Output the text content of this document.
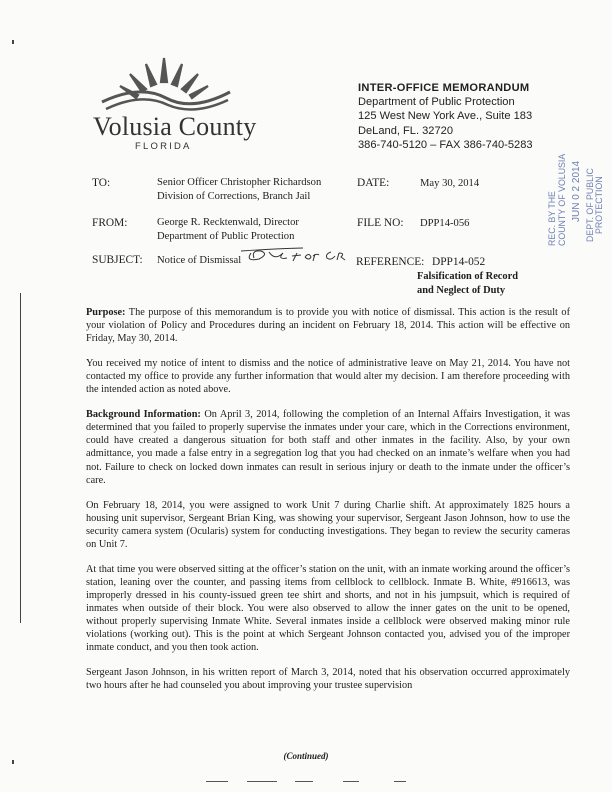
Volusia County
FLORIDA
INTER-OFFICE MEMORANDUM
Department of Public Protection
125 West New York Ave., Suite 183
DeLand, FL. 32720
386-740-5120 – FAX 386-740-5283
REC. BY THE COUNTY OF VOLUSIA JUN 0 2 2014 DEPT. OF PUBLIC PROTECTION
TO:	Senior Officer Christopher Richardson
Division of Corrections, Branch Jail
DATE:	May 30, 2014
FROM:	George R. Recktenwald, Director
Department of Public Protection
FILE NO: DPP14-056
SUBJECT: Notice of Dismissal	REFERENCE: DPP14-052
Falsification of Record
and Neglect of Duty

Purpose: The purpose of this memorandum is to provide you with notice of dismissal. This action is the result of your violation of Policy and Procedures during an incident on February 18, 2014. This action will be effective on Friday, May 30, 2014.

You received my notice of intent to dismiss and the notice of administrative leave on May 21, 2014. You have not contacted my office to provide any further information that would alter my decision. I am therefore proceeding with the intended action as noted above.

Background Information: On April 3, 2014, following the completion of an Internal Affairs Investigation, it was determined that you failed to properly supervise the inmates under your care, which in the Corrections environment, could have created a dangerous situation for both staff and other inmates in the facility. Also, by your own admittance, you made a false entry in a segregation log that you had checked on an inmate’s welfare when you had not. Failure to check on locked down inmates can result in serious injury or death to the inmate under the officer’s care.

On February 18, 2014, you were assigned to work Unit 7 during Charlie shift. At approximately 1825 hours a housing unit supervisor, Sergeant Brian King, was showing your supervisor, Sergeant Jason Johnson, how to use the security camera system (Ocularis) system for conducting investigations. They began to review the security cameras on Unit 7.

At that time you were observed sitting at the officer’s station on the unit, with an inmate working around the officer’s station, leaning over the counter, and passing items from cellblock to cellblock. Inmate B. White, #916613, was improperly dressed in his county-issued green tee shirt and shorts, and not in his jumpsuit, which is required of inmates when outside of their block. You were also observed to allow the inner gates on the unit to be opened, without properly supervising Inmate White. Several inmates inside a cellblock were observed making minor rule violations (working out). This is the point at which Sergeant Johnson contacted you, advised you of the improper inmate conduct, and you then took action.

Sergeant Jason Johnson, in his written report of March 3, 2014, noted that his observation occurred approximately two hours after he had counseled you about improving your trustee supervision

(Continued)
